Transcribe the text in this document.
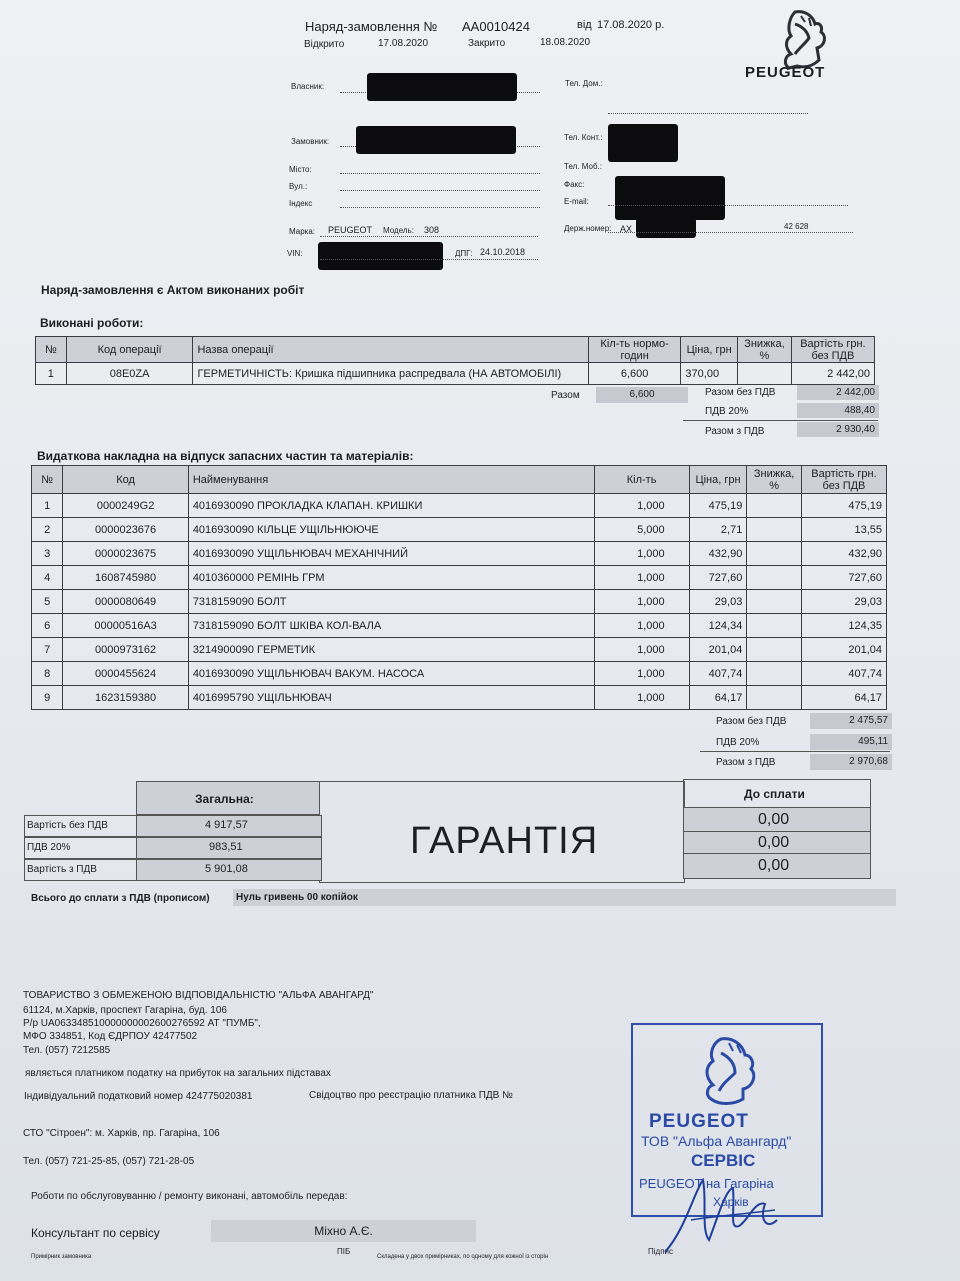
Наряд-замовлення № АА0010424	від 17.08.2020 р.
Відкрито	17.08.2020	Закрито	18.08.2020
PEUGEOT
Власник:
Замовник:
Місто:
Вул.:
Індекс
Тел. Дом.:
Тел. Конт.:
Тел. Моб.:
Факс:
E-mail:
Марка: PEUGEOT Модель: 308
VIN:	ДПГ: 24.10.2018
Держ.номер: АХ	42 628
Наряд-замовлення є Актом виконаних робіт
Виконані роботи:
№	Код операції	Назва операції	Кіл-ть нормо-годин	Ціна, грн	Знижка, %	Вартість грн. без ПДВ
1	08E0ZA	ГЕРМЕТИЧНІСТЬ: Кришка підшипника распредвала (НА АВТОМОБІЛІ)	6,600	370,00		2 442,00
Разом	6,600	Разом без ПДВ	2 442,00
ПДВ 20%	488,40
Разом з ПДВ	2 930,40
Видаткова накладна на відпуск запасних частин та матеріалів:
№	Код	Найменування	Кіл-ть	Ціна, грн	Знижка, %	Вартість грн. без ПДВ
1	0000249G2	4016930090 ПРОКЛАДКА КЛАПАН. КРИШКИ	1,000	475,19		475,19
2	0000023676	4016930090 КІЛЬЦЕ УЩІЛЬНЮЮЧЕ	5,000	2,71		13,55
3	0000023675	4016930090 УЩІЛЬНЮВАЧ МЕХАНІЧНИЙ	1,000	432,90		432,90
4	1608745980	4010360000 РЕМІНЬ ГРМ	1,000	727,60		727,60
5	0000080649	7318159090 БОЛТ	1,000	29,03		29,03
6	00000516A3	7318159090 БОЛТ ШКІВА КОЛ-ВАЛА	1,000	124,34		124,35
7	0000973162	3214900090 ГЕРМЕТИК	1,000	201,04		201,04
8	0000455624	4016930090 УЩІЛЬНЮВАЧ ВАКУМ. НАСОСА	1,000	407,74		407,74
9	1623159380	4016995790 УЩІЛЬНЮВАЧ	1,000	64,17		64,17
Разом без ПДВ	2 475,57
ПДВ 20%	495,11
Разом з ПДВ	2 970,68
Загальна:
ГАРАНТІЯ
До сплати
Вартість без ПДВ	4 917,57	0,00
ПДВ 20%	983,51	0,00
Вартість з ПДВ	5 901,08	0,00
Всього до сплати з ПДВ (прописом)	Нуль гривень 00 копійок
ТОВАРИСТВО З ОБМЕЖЕНОЮ ВІДПОВІДАЛЬНІСТЮ "АЛЬФА АВАНГАРД"
61124, м.Харків, проспект Гагаріна, буд. 106
Р/р UA063348510000000002600276592 АТ "ПУМБ",
МФО 334851, Код ЄДРПОУ 42477502
Тел. (057) 7212585
являється платником податку на прибуток на загальних підставах
Індивідуальний податковий номер 424775020381	Свідоцтво про реєстрацію платника ПДВ №
СТО "Сітроен": м. Харків, пр. Гагаріна, 106
Тел. (057) 721-25-85, (057) 721-28-05
Роботи по обслуговуванню / ремонту виконані, автомобіль передав:
Консультант по сервісу	Міхно А.Є.
ПІБ
Примірник замовника	Складена у двох примірниках, по одному для кожної із сторін
Підпис
PEUGEOT
ТОВ "Альфа Авангард"
СЕРВІС
PEUGEOT на Гагаріна
Харків
